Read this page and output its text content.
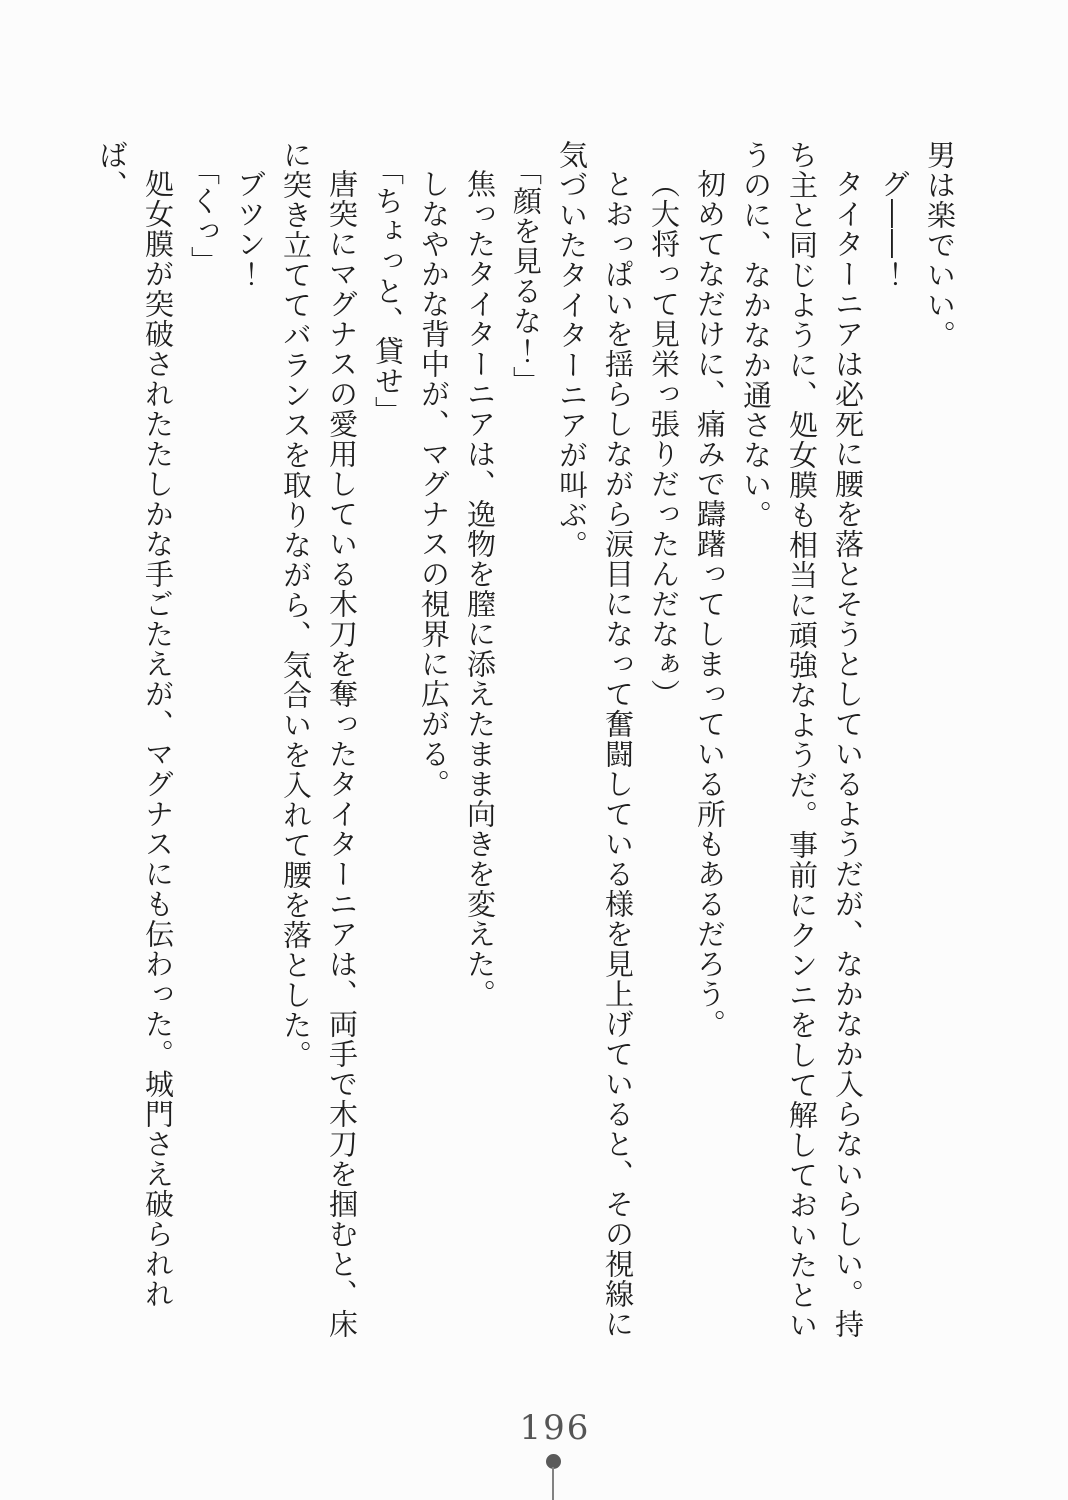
男は楽でいい。

グ――！

タイターニアは必死に腰を落とそうとしているようだが、なかなか入らないらしい。持

ち主と同じように、処女膜も相当に頑強なようだ。事前にクンニをして解しておいたとい

うのに、なかなか通さない。

初めてなだけに、痛みで躊躇ってしまっている所もあるだろう。

（大将って見栄っ張りだったんだなぁ）

とおっぱいを揺らしながら涙目になって奮闘している様を見上げていると、その視線に

気づいたタイターニアが叫ぶ。

「顔を見るな！」

焦ったタイターニアは、逸物を膣に添えたまま向きを変えた。

しなやかな背中が、マグナスの視界に広がる。

「ちょっと、貸せ」

唐突にマグナスの愛用している木刀を奪ったタイターニアは、両手で木刀を掴むと、床

に突き立ててバランスを取りながら、気合いを入れて腰を落とした。

ブツン！

「くっ」

処女膜が突破されたたしかな手ごたえが、マグナスにも伝わった。城門さえ破られれば、

196
